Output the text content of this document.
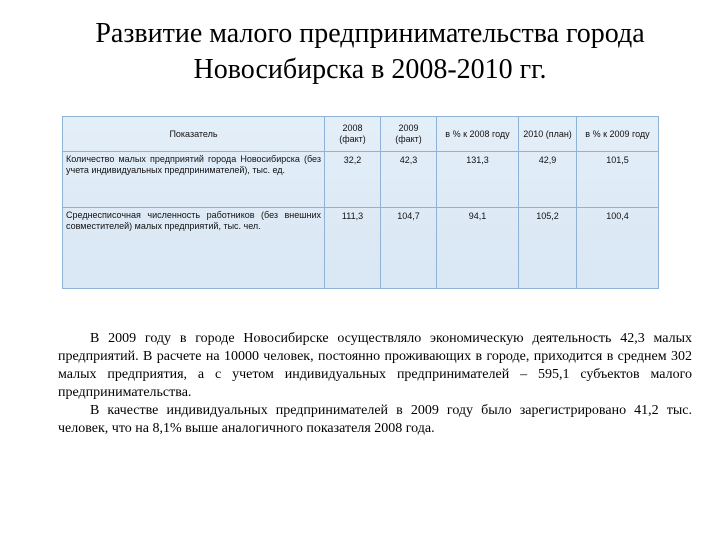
Развитие малого предпринимательства города
Новосибирска в 2008-2010 гг.
Показатель	2008 (факт)	2009 (факт)	в % к 2008 году	2010 (план)	в % к 2009 году
Количество малых предприятий города Новосибирска (без учета индивидуальных предпринимателей), тыс. ед.	32,2	42,3	131,3	42,9	101,5
Среднесписочная численность работников (без внешних совместителей) малых предприятий, тыс. чел.	111,3	104,7	94,1	105,2	100,4

В 2009 году в городе Новосибирске осуществляло экономическую деятельность 42,3 малых предприятий. В расчете на 10000 человек, постоянно проживающих в городе, приходится в среднем 302 малых предприятия, а с учетом индивидуальных предпринимателей – 595,1 субъектов малого предпринимательства.

В качестве индивидуальных предпринимателей в 2009 году было зарегистрировано 41,2 тыс. человек, что на 8,1% выше аналогичного показателя 2008 года.
